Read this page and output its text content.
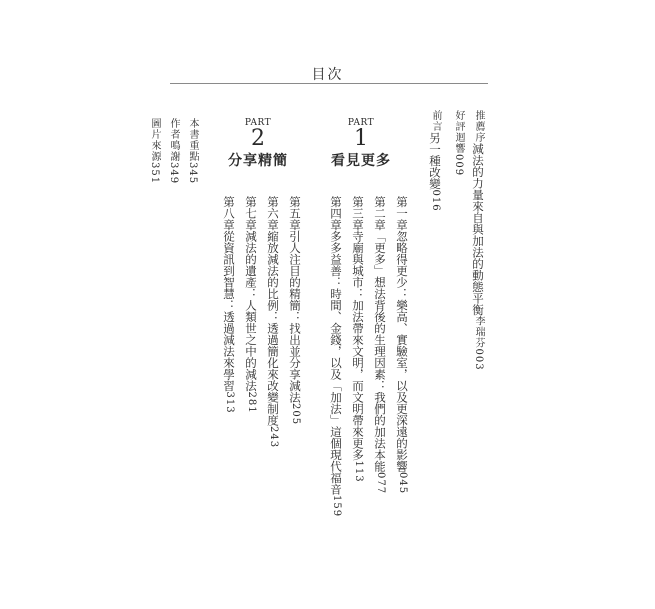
目次
推薦序減法的力量來自與加法的動態平衡李瑞芬003
好評迴響009
前言另一種改變016
PART
1
看見更多
第一章忽略得更少：樂高、實驗室，以及更深遠的影響045
第二章「更多」想法背後的生理因素：我們的加法本能077
第三章寺廟與城市：加法帶來文明，而文明帶來更多113
第四章多多益善：時間、金錢，以及「加法」這個現代福音159
PART
2
分享精簡
第五章引人注目的精簡：找出並分享減法205
第六章縮放減法的比例：透過簡化來改變制度243
第七章減法的遺產：人類世之中的減法281
第八章從資訊到智慧：透過減法來學習313
本書重點345
作者鳴謝349
圖片來源351
